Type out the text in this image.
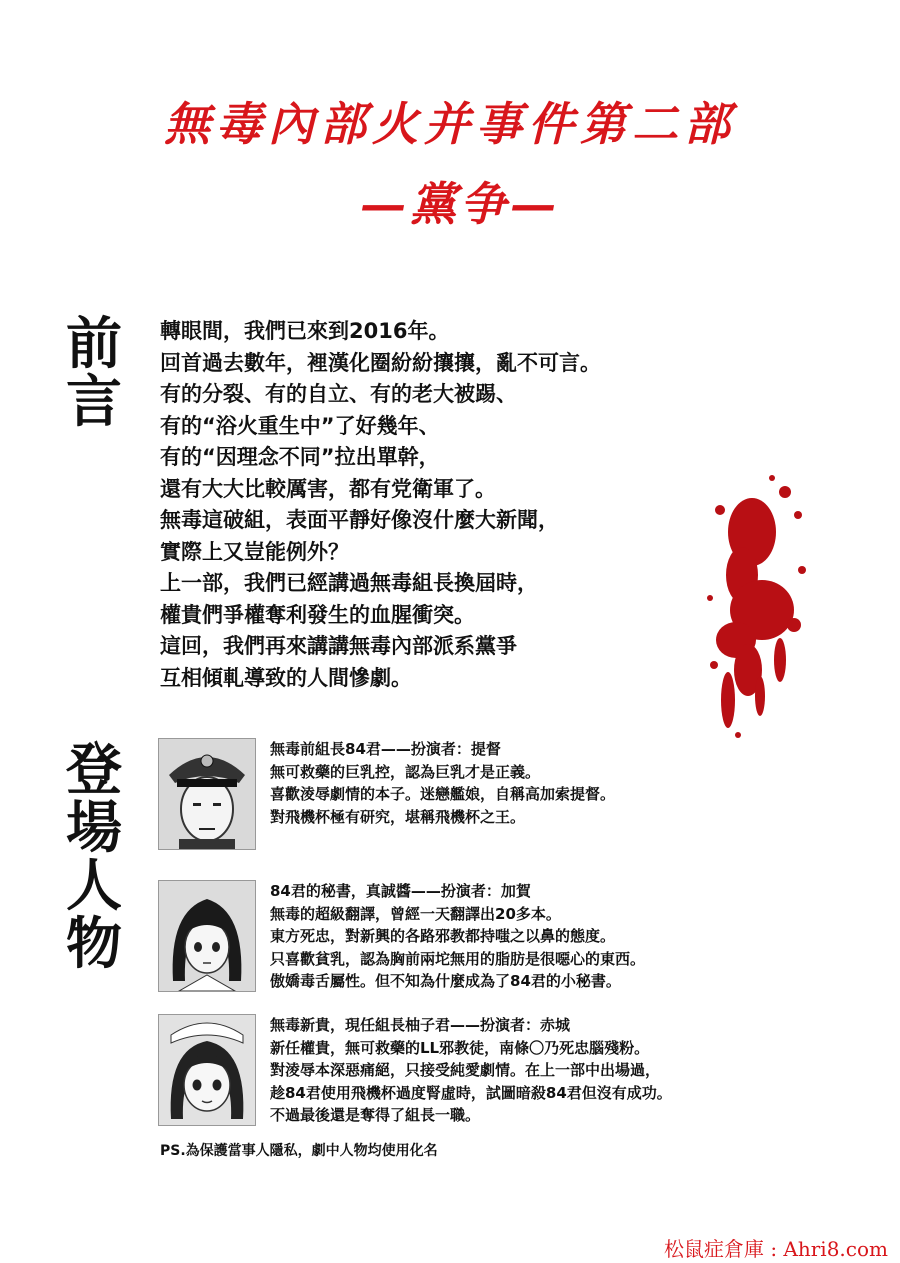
無毒內部火并事件第二部
—黨争—
前
言
轉眼間，我們已來到2016年。
回首過去數年，裡漢化圈紛紛攘攘，亂不可言。
有的分裂、有的自立、有的老大被踢、
有的“浴火重生中”了好幾年、
有的“因理念不同”拉出單幹，
還有大大比較厲害，都有党衛軍了。
無毒這破組，表面平靜好像沒什麼大新聞，
實際上又豈能例外？
上一部，我們已經講過無毒組長換屆時，
權貴們爭權奪利發生的血腥衝突。
這回，我們再來講講無毒內部派系黨爭
互相傾軋導致的人間慘劇。
登
場
人
物
無毒前組長84君——扮演者：提督
無可救藥的巨乳控，認為巨乳才是正義。
喜歡淩辱劇情的本子。迷戀艦娘，自稱高加索提督。
對飛機杯極有研究，堪稱飛機杯之王。
84君的秘書，真誠醬——扮演者：加賀
無毒的超級翻譯，曾經一天翻譯出20多本。
東方死忠，對新興的各路邪教都持嗤之以鼻的態度。
只喜歡貧乳，認為胸前兩坨無用的脂肪是很噁心的東西。
傲嬌毒舌屬性。但不知為什麼成為了84君的小秘書。
無毒新貴，現任組長柚子君——扮演者：赤城
新任權貴，無可救藥的LL邪教徒，南條〇乃死忠腦殘粉。
對淩辱本深惡痛絕，只接受純愛劇情。在上一部中出場過，
趁84君使用飛機杯過度腎虛時，試圖暗殺84君但沒有成功。
不過最後還是奪得了組長一職。
PS.為保護當事人隱私，劇中人物均使用化名
松鼠症倉庫 : Ahri8.com
